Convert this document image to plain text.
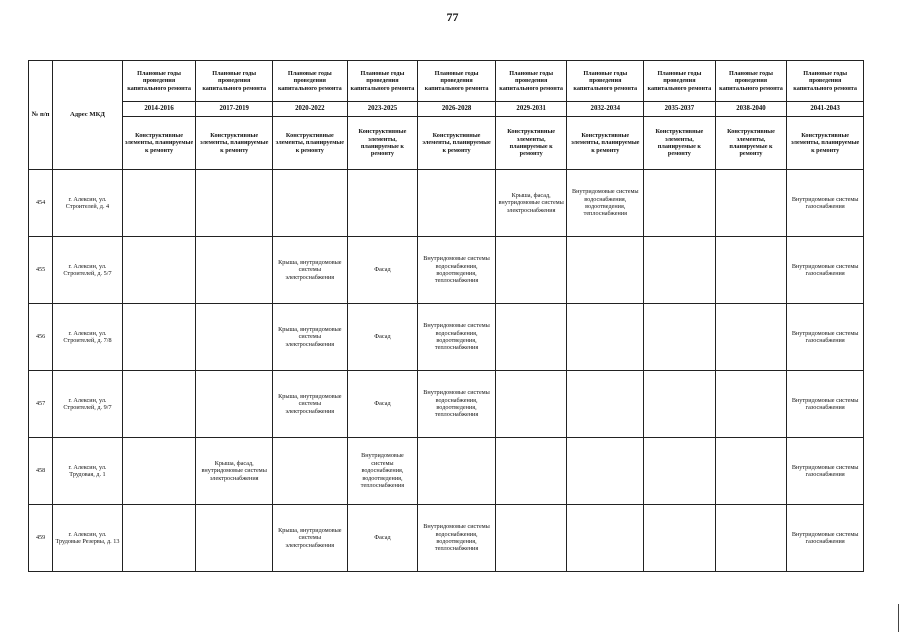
77
№ п/п	Адрес МКД	Плановые годы проведения капитального ремонта	Плановые годы проведения капитального ремонта	Плановые годы проведения капитального ремонта	Плановые годы проведения капитального ремонта	Плановые годы проведения капитального ремонта	Плановые годы проведения капитального ремонта	Плановые годы проведения капитального ремонта	Плановые годы проведения капитального ремонта	Плановые годы проведения капитального ремонта	Плановые годы проведения капитального ремонта
		2014-2016	2017-2019	2020-2022	2023-2025	2026-2028	2029-2031	2032-2034	2035-2037	2038-2040	2041-2043
		Конструктивные элементы, планируемые к ремонту	Конструктивные элементы, планируемые к ремонту	Конструктивные элементы, планируемые к ремонту	Конструктивные элементы, планируемые к ремонту	Конструктивные элементы, планируемые к ремонту	Конструктивные элементы, планируемые к ремонту	Конструктивные элементы, планируемые к ремонту	Конструктивные элементы, планируемые к ремонту	Конструктивные элементы, планируемые к ремонту	Конструктивные элементы, планируемые к ремонту
454	г. Алексин, ул. Строителей, д. 4						Крыша, фасад, внутридомовые системы электроснабжения	Внутридомовые системы водоснабжения, водоотведения, теплоснабжения			Внутридомовые системы газоснабжения
455	г. Алексин, ул. Строителей, д. 5/7			Крыша, внутридомовые системы электроснабжения	Фасад	Внутридомовые системы водоснабжения, водоотведения, теплоснабжения					Внутридомовые системы газоснабжения
456	г. Алексин, ул. Строителей, д. 7/8			Крыша, внутридомовые системы электроснабжения	Фасад	Внутридомовые системы водоснабжения, водоотведения, теплоснабжения					Внутридомовые системы газоснабжения
457	г. Алексин, ул. Строителей, д. 9/7			Крыша, внутридомовые системы электроснабжения	Фасад	Внутридомовые системы водоснабжения, водоотведения, теплоснабжения					Внутридомовые системы газоснабжения
458	г. Алексин, ул. Трудовая, д. 1		Крыша, фасад, внутридомовые системы электроснабжения		Внутридомовые системы водоснабжения, водоотведения, теплоснабжения						Внутридомовые системы газоснабжения
459	г. Алексин, ул. Трудовые Резервы, д. 13			Крыша, внутридомовые системы электроснабжения	Фасад	Внутридомовые системы водоснабжения, водоотведения, теплоснабжения					Внутридомовые системы газоснабжения
